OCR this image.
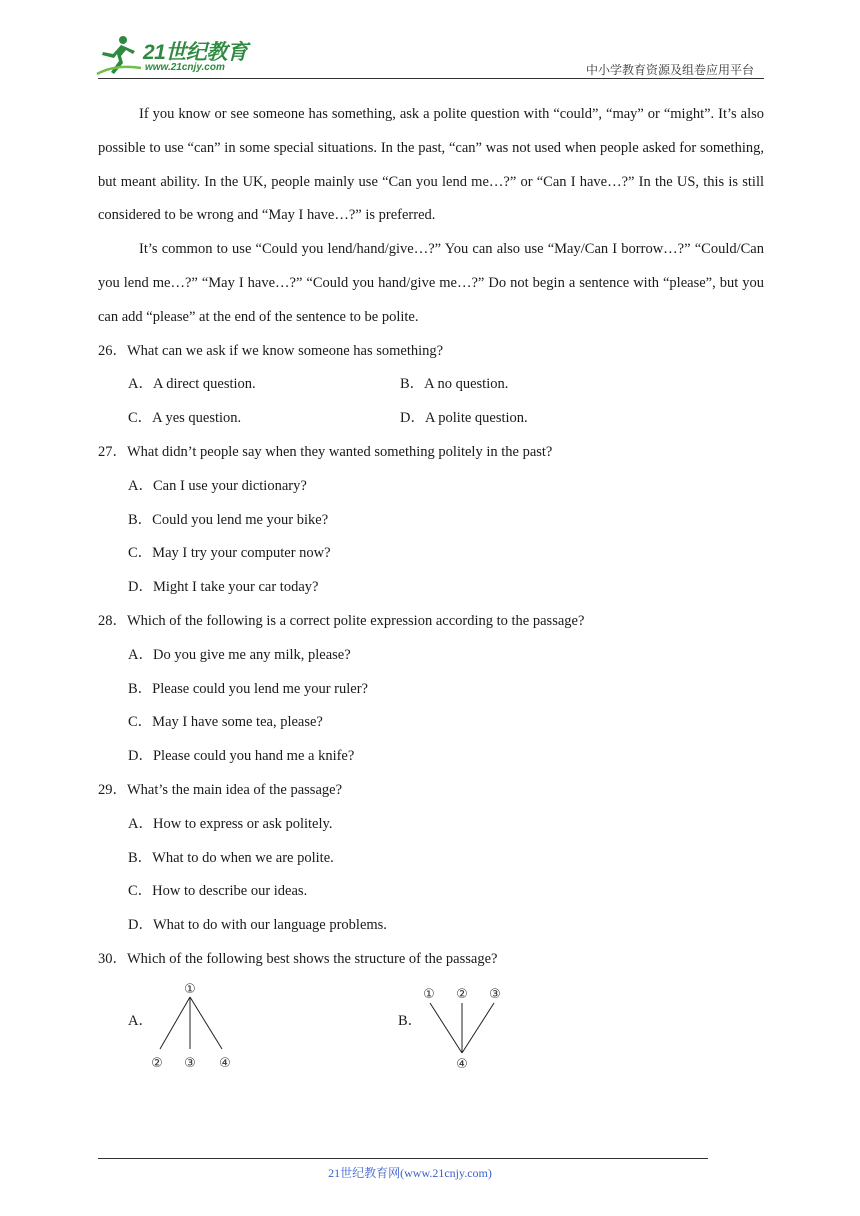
21世纪教育
www.21cnjy.com	中小学教育资源及组卷应用平台

If you know or see someone has something, ask a polite question with “could”, “may” or “might”. It’s also possible to use “can” in some special situations. In the past, “can” was not used when people asked for something, but meant ability. In the UK, people mainly use “Can you lend me…?” or “Can I have…?” In the US, this is still considered to be wrong and “May I have…?” is preferred.

It’s common to use “Could you lend/hand/give…?” You can also use “May/Can I borrow…?” “Could/Can you lend me…?” “May I have…?” “Could you hand/give me…?” Do not begin a sentence with “please”, but you can add “please” at the end of the sentence to be polite.

26．What can we ask if we know someone has something?

A．A direct question.	B．A no question.
C．A yes question.	D．A polite question.

27．What didn’t people say when they wanted something politely in the past?

A．Can I use your dictionary?

B．Could you lend me your bike?

C．May I try your computer now?

D．Might I take your car today?

28．Which of the following is a correct polite expression according to the passage?

A．Do you give me any milk, please?

B．Please could you lend me your ruler?

C．May I have some tea, please?

D．Please could you hand me a knife?

29．What’s the main idea of the passage?

A．How to express or ask politely.

B．What to do when we are polite.

C．How to describe our ideas.

D．What to do with our language problems.

30．Which of the following best shows the structure of the passage?

A．
①
② ③ ④
B．
① ② ③
④
21世纪教育网(www.21cnjy.com)
